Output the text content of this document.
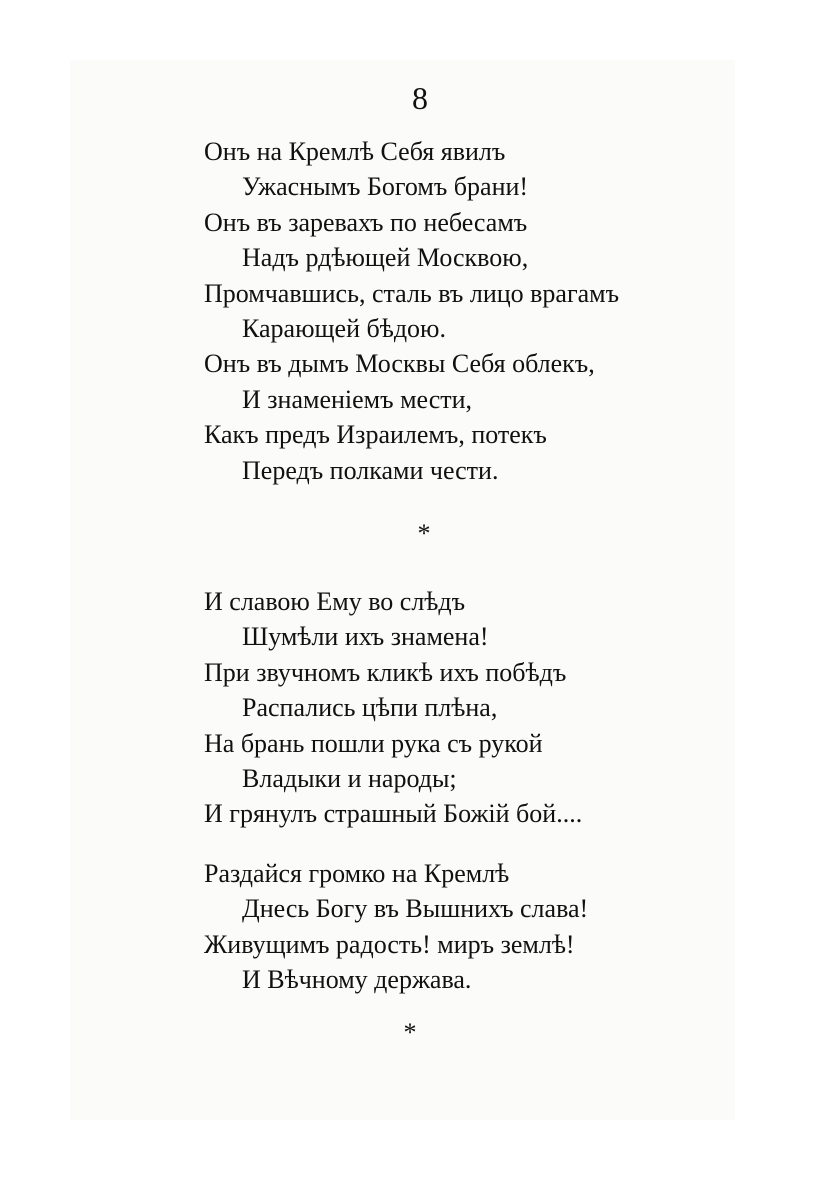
8
Онъ на Кремлѣ Себя явилъ
Ужаснымъ Богомъ брани!
Онъ въ заревахъ по небесамъ
Надъ рдѣющей Москвою,
Промчавшись, сталь въ лицо врагамъ
Карающей бѣдою.
Онъ въ дымъ Москвы Себя облекъ,
И знаменіемъ мести,
Какъ предъ Израилемъ, потекъ
Передъ полками чести.
*
И славою Ему во слѣдъ
Шумѣли ихъ знамена!
При звучномъ кликѣ ихъ побѣдъ
Распались цѣпи плѣна,
На брань пошли рука съ рукой
Владыки и народы;
И грянулъ страшный Божій бой....
Раздайся громко на Кремлѣ
Днесь Богу въ Вышнихъ слава!
Живущимъ радость! миръ землѣ!
И Вѣчному держава.
*
